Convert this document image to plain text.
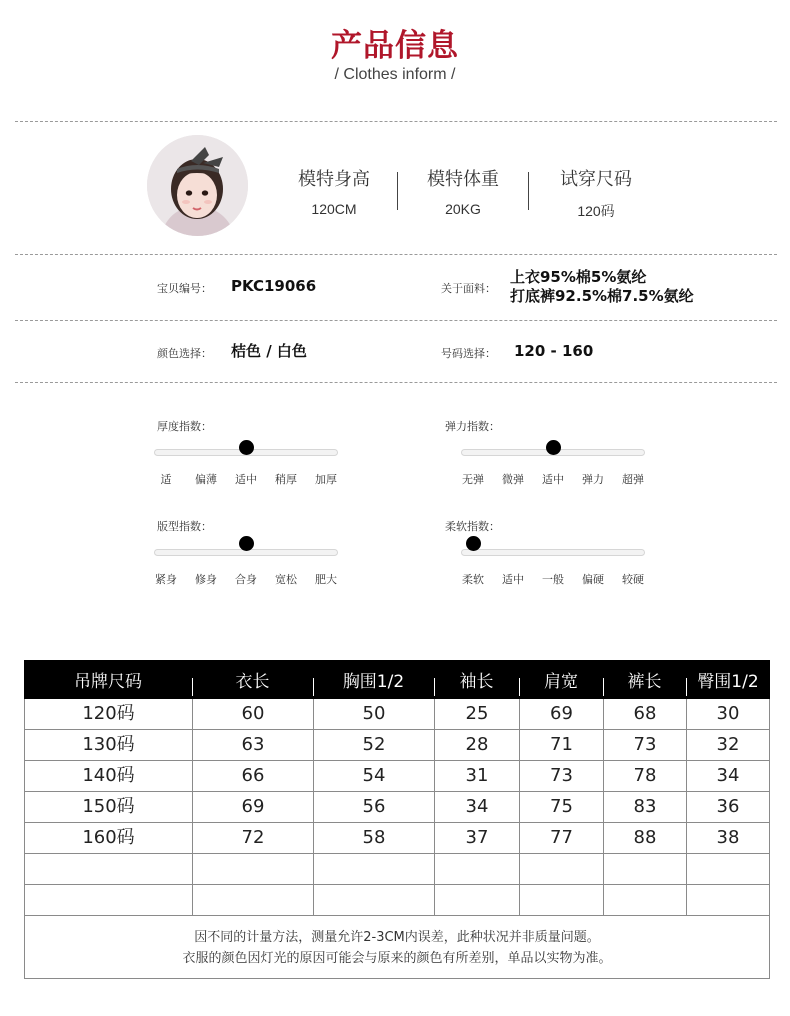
产品信息
/ Clothes inform /
模特身高
120CM
模特体重
20KG
试穿尺码
120码
宝贝编号： PKC19066	关于面料：
上衣95%棉5%氨纶
打底裤92.5%棉7.5%氨纶
颜色选择： 桔色 / 白色	号码选择： 120 - 160
厚度指数：
适 偏薄 适中 稍厚 加厚
弹力指数：
无弹 微弹 适中 弹力 超弹
版型指数：
紧身 修身 合身 宽松 肥大
柔软指数：
柔软 适中 一般 偏硬 较硬
吊牌尺码	衣长	胸围1/2	袖长	肩宽	裤长	臀围1/2
120码	60	50	25	69	68	30
130码	63	52	28	71	73	32
140码	66	54	31	73	78	34
150码	69	56	34	75	83	36
160码	72	58	37	77	88	38
因不同的计量方法，测量允许2-3CM内误差，此种状况并非质量问题。
衣服的颜色因灯光的原因可能会与原来的颜色有所差别，单品以实物为准。
